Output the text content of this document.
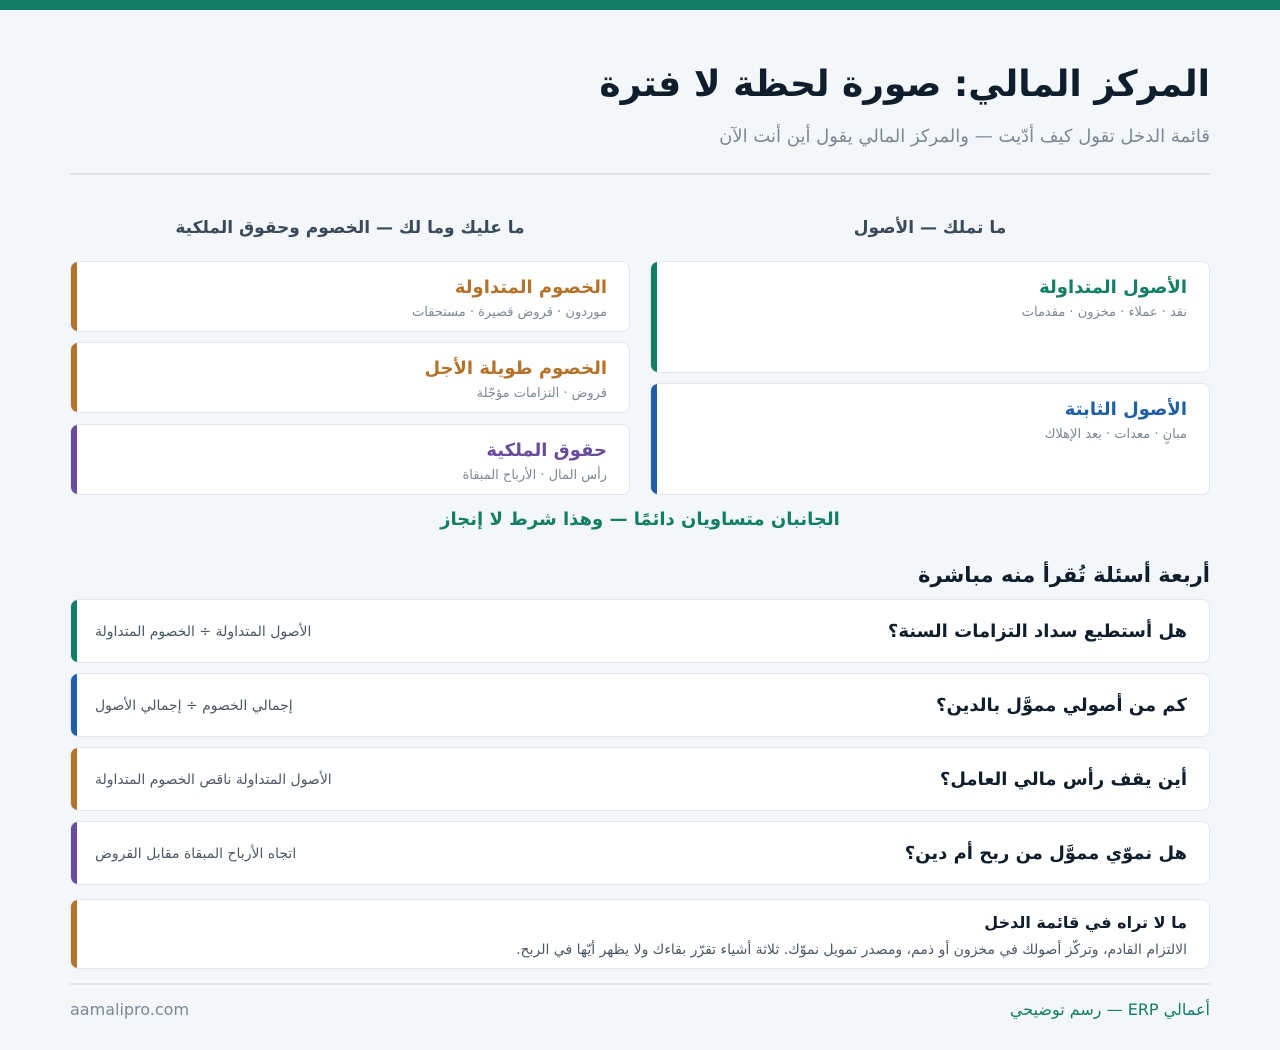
المركز المالي: صورة لحظة لا فترة

قائمة الدخل تقول كيف أدّيت — والمركز المالي يقول أين أنت الآن

ما تملك — الأصول
الأصول المتداولة
نقد · عملاء · مخزون · مقدمات
الأصول الثابتة
مبانٍ · معدات · بعد الإهلاك
ما عليك وما لك — الخصوم وحقوق الملكية
الخصوم المتداولة
موردون · قروض قصيرة · مستحقات
الخصوم طويلة الأجل
قروض · التزامات مؤجّلة
حقوق الملكية
رأس المال · الأرباح المبقاة
الجانبان متساويان دائمًا — وهذا شرط لا إنجاز
أربعة أسئلة تُقرأ منه مباشرة
هل أستطيع سداد التزامات السنة؟
الأصول المتداولة ÷ الخصوم المتداولة
كم من أصولي مموَّل بالدين؟
إجمالي الخصوم ÷ إجمالي الأصول
أين يقف رأس مالي العامل؟
الأصول المتداولة ناقص الخصوم المتداولة
هل نموّي مموَّل من ربح أم دين؟
اتجاه الأرباح المبقاة مقابل القروض
ما لا تراه في قائمة الدخل
الالتزام القادم، وتركّز أصولك في مخزون أو ذمم، ومصدر تمويل نموّك. ثلاثة أشياء تقرّر بقاءك ولا يظهر أيّها في الربح.
أعمالي ERP — رسم توضيحي
aamalipro.com
